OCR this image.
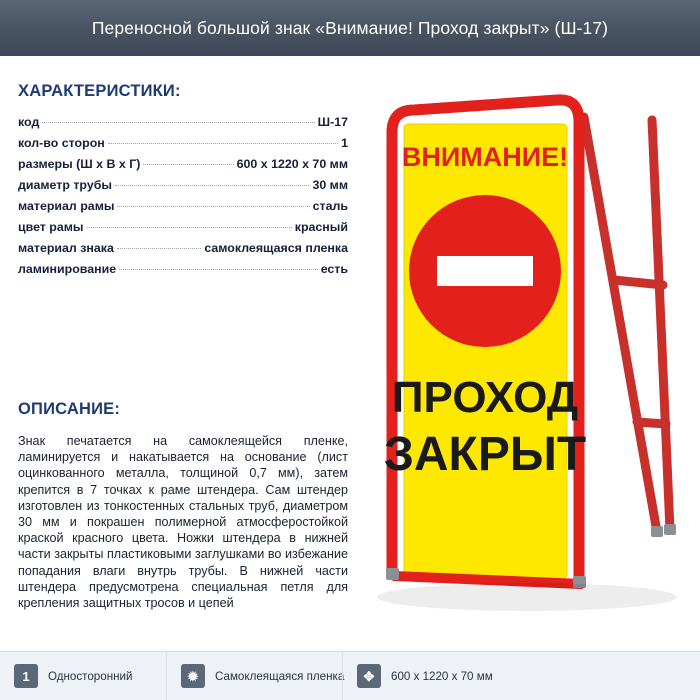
Переносной большой знак «Внимание! Проход закрыт» (Ш-17)
ХАРАКТЕРИСТИКИ:
код	Ш-17
кол-во сторон	1
размеры (Ш х В х Г)	600 x 1220 x 70 мм
диаметр трубы	30 мм
материал рамы	сталь
цвет рамы	красный
материал знака	самоклеящаяся пленка
ламинирование	есть
ОПИСАНИЕ:

Знак печатается на самоклеящейся пленке, ламинируется и накатывается на основание (лист оцинкованного металла, толщиной 0,7 мм), затем крепится в 7 точках к раме штендера. Сам штендер изготовлен из тонкостенных стальных труб, диаметром 30 мм и покрашен полимерной атмосферостойкой краской красного цвета. Ножки штендера в нижней части закрыты пластиковыми заглушками во избежание попадания влаги внутрь трубы. В нижней части штендера предусмотрена специальная петля для крепления защитных тросов и цепей

ВНИМАНИЕ!
ПРОХОД
ЗАКРЫТ
1	Односторонний	✹	Самоклеящаяся пленка	✥	600 x 1220 x 70 мм
